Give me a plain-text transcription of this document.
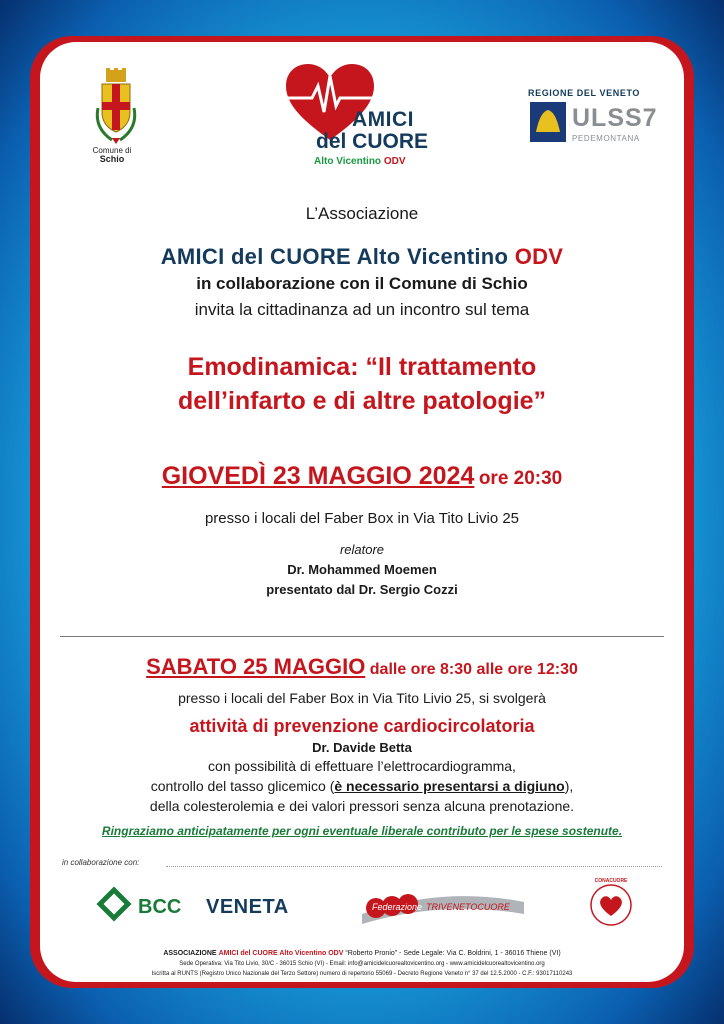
Comune di
Schio
AMICI
del CUORE
Alto Vicentino ODV
REGIONE DEL VENETO
ULSS7
PEDEMONTANA
L’Associazione
AMICI del CUORE Alto Vicentino ODV
in collaborazione con il Comune di Schio
invita la cittadinanza ad un incontro sul tema
Emodinamica: “Il trattamento
dell’infarto e di altre patologie”
GIOVEDÌ 23 MAGGIO 2024 ore 20:30
presso i locali del Faber Box in Via Tito Livio 25
relatore
Dr. Mohammed Moemen
presentato dal Dr. Sergio Cozzi
SABATO 25 MAGGIO dalle ore 8:30 alle ore 12:30
presso i locali del Faber Box in Via Tito Livio 25, si svolgerà
attività di prevenzione cardiocircolatoria
Dr. Davide Betta
con possibilità di effettuare l’elettrocardiogramma,
controllo del tasso glicemico (è necessario presentarsi a digiuno),
della colesterolemia e dei valori pressori senza alcuna prenotazione.
Ringraziamo anticipatamente per ogni eventuale liberale contributo per le spese sostenute.
in collaborazione con:
BCC VENETA	Federazione TRIVENETOCUORE
CONACUORE
ASSOCIAZIONE AMICI del CUORE Alto Vicentino ODV “Roberto Pronio” - Sede Legale: Via C. Boldrini, 1 - 36016 Thiene (VI)
Sede Operativa: Via Tito Livio, 30/C - 36015 Schio (VI) - Email: info@amicidelcuorealtovicentino.org - www.amicidelcuorealtovicentino.org
Iscritta al RUNTS (Registro Unico Nazionale del Terzo Settore) numero di repertorio 55069 - Decreto Regione Veneto n° 37 del 12.5.2000 - C.F.: 93017110243
